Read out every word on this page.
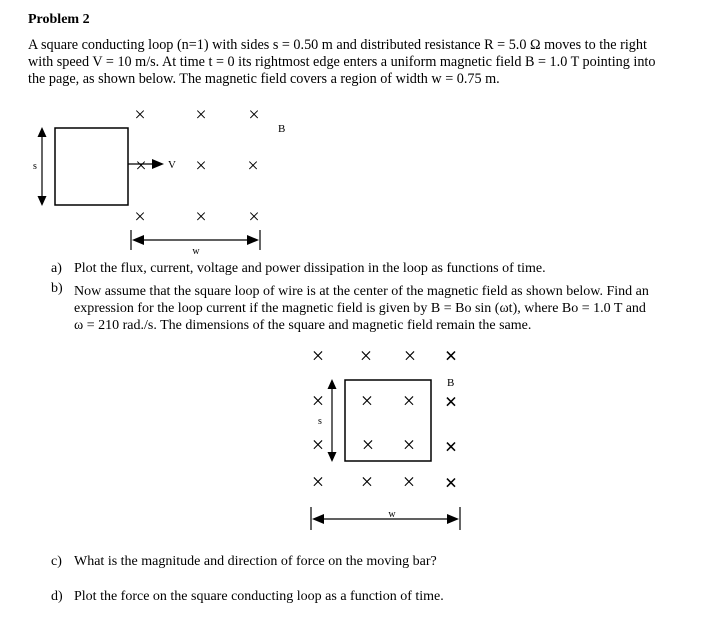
Problem 2
A square conducting loop (n=1) with sides s = 0.50 m and distributed resistance R = 5.0 Ω moves to the right
with speed V = 10 m/s. At time t = 0 its rightmost edge enters a uniform magnetic field B = 1.0 T pointing into
the page, as shown below. The magnetic field covers a region of width w = 0.75 m.
s	V
× × ×
× × ×
× × ×
B
w
s
× × × ×
× × × ×
× × × ×
× × × ×
B
w
a) Plot the flux, current, voltage and power dissipation in the loop as functions of time.
b) Now assume that the square loop of wire is at the center of the magnetic field as shown below. Find an
expression for the loop current if the magnetic field is given by B = Bo sin (ωt), where Bo = 1.0 T and
ω = 210 rad./s. The dimensions of the square and magnetic field remain the same.
c) What is the magnitude and direction of force on the moving bar?
d) Plot the force on the square conducting loop as a function of time.
